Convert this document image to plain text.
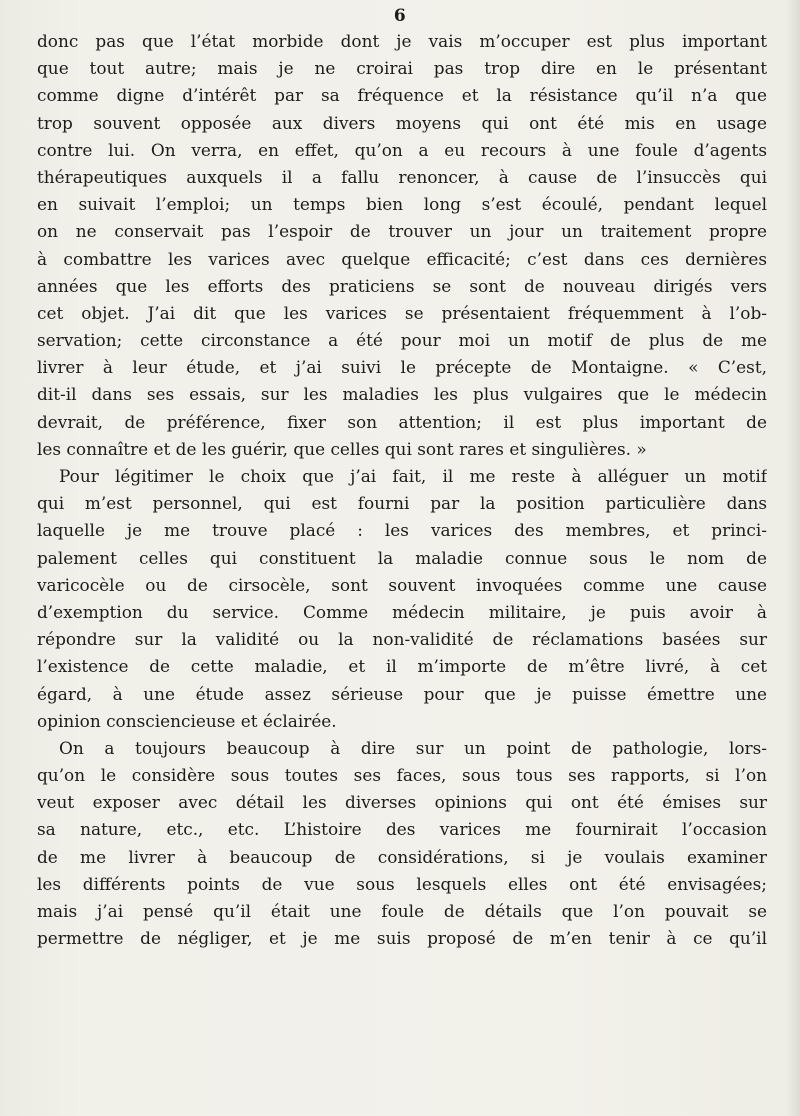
6
donc pas que l’état morbide dont je vais m’occuper est plus important
que tout autre; mais je ne croirai pas trop dire en le présentant
comme digne d’intérêt par sa fréquence et la résistance qu’il n’a que
trop souvent opposée aux divers moyens qui ont été mis en usage
contre lui. On verra, en effet, qu’on a eu recours à une foule d’agents
thérapeutiques auxquels il a fallu renoncer, à cause de l’insuccès qui
en suivait l’emploi; un temps bien long s’est écoulé, pendant lequel
on ne conservait pas l’espoir de trouver un jour un traitement propre
à combattre les varices avec quelque efficacité; c’est dans ces dernières
années que les efforts des praticiens se sont de nouveau dirigés vers
cet objet. J’ai dit que les varices se présentaient fréquemment à l’ob-
servation; cette circonstance a été pour moi un motif de plus de me
livrer à leur étude, et j’ai suivi le précepte de Montaigne. « C’est,
dit-il dans ses essais, sur les maladies les plus vulgaires que le médecin
devrait, de préférence, fixer son attention; il est plus important de
les connaître et de les guérir, que celles qui sont rares et singulières. »
Pour légitimer le choix que j’ai fait, il me reste à alléguer un motif
qui m’est personnel, qui est fourni par la position particulière dans
laquelle je me trouve placé : les varices des membres, et princi-
palement celles qui constituent la maladie connue sous le nom de
varicocèle ou de cirsocèle, sont souvent invoquées comme une cause
d’exemption du service. Comme médecin militaire, je puis avoir à
répondre sur la validité ou la non-validité de réclamations basées sur
l’existence de cette maladie, et il m’importe de m’être livré, à cet
égard, à une étude assez sérieuse pour que je puisse émettre une
opinion consciencieuse et éclairée.
On a toujours beaucoup à dire sur un point de pathologie, lors-
qu’on le considère sous toutes ses faces, sous tous ses rapports, si l’on
veut exposer avec détail les diverses opinions qui ont été émises sur
sa nature, etc., etc. L’histoire des varices me fournirait l’occasion
de me livrer à beaucoup de considérations, si je voulais examiner
les différents points de vue sous lesquels elles ont été envisagées;
mais j’ai pensé qu’il était une foule de détails que l’on pouvait se
permettre de négliger, et je me suis proposé de m’en tenir à ce qu’il
